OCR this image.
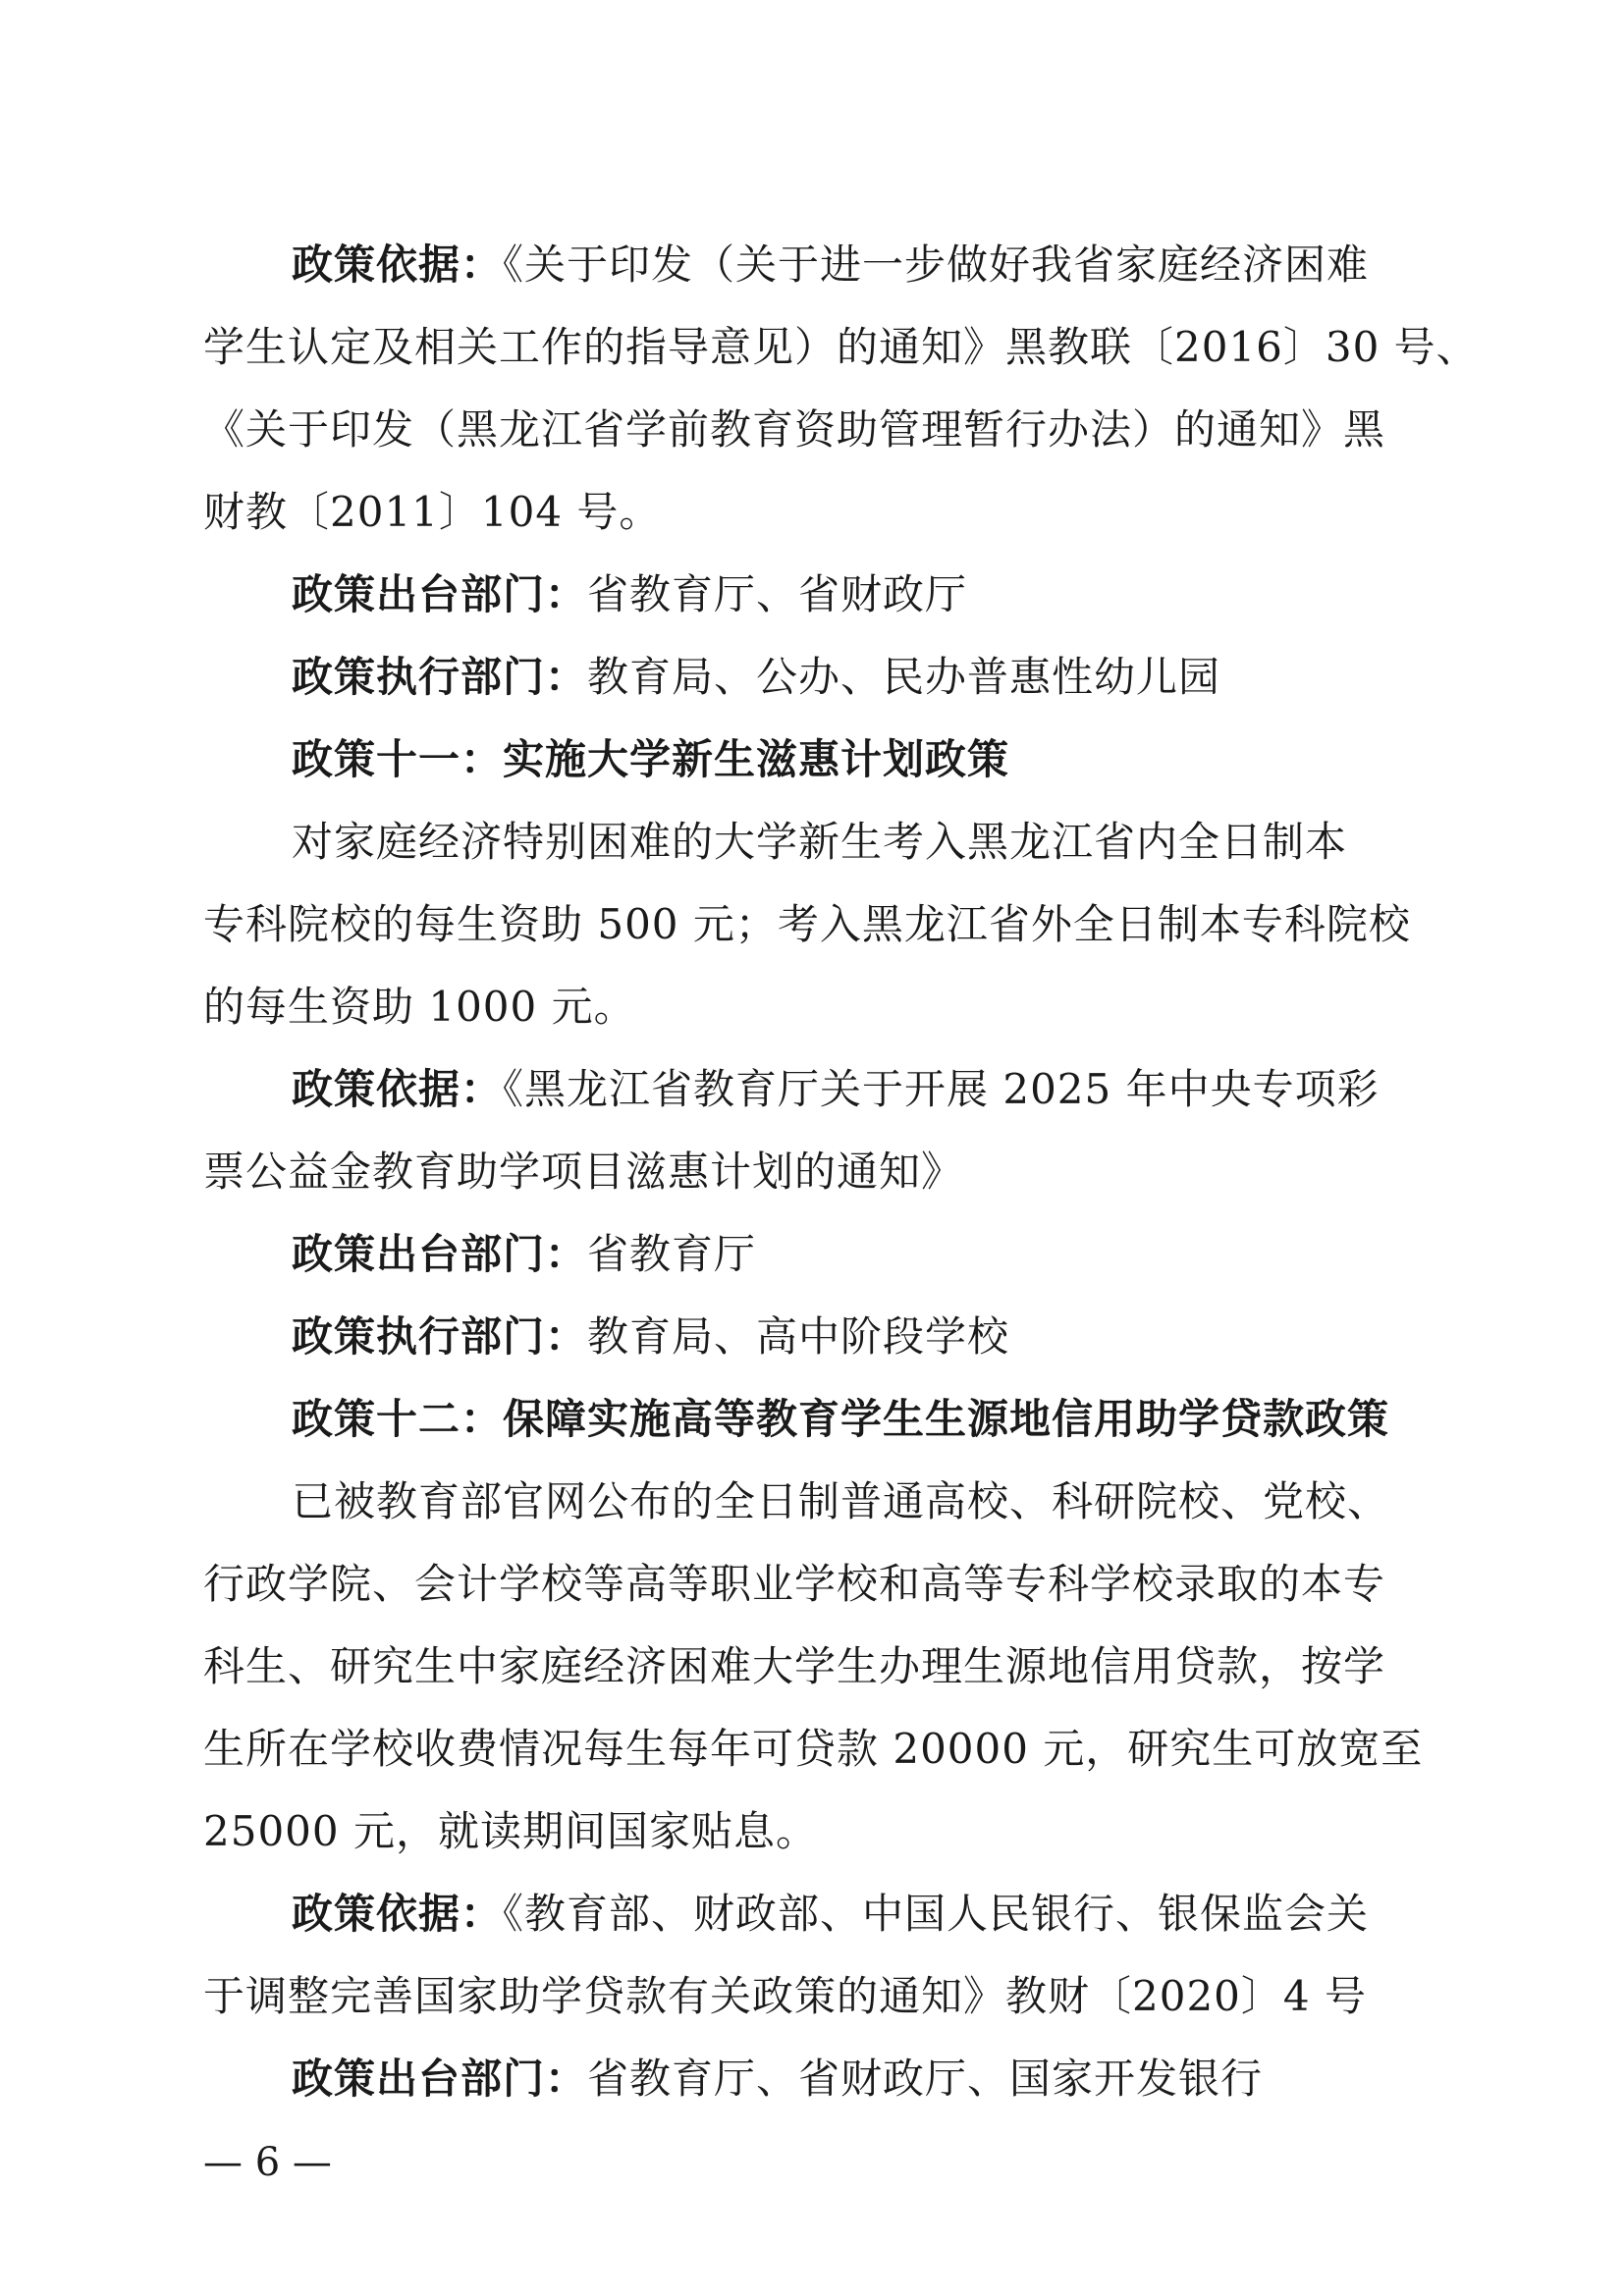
政策依据：《关于印发（关于进一步做好我省家庭经济困难
学生认定及相关工作的指导意见）的通知》黑教联〔2016〕30 号、
《关于印发（黑龙江省学前教育资助管理暂行办法）的通知》黑
财教〔2011〕104 号。
政策出台部门：省教育厅、省财政厅
政策执行部门：教育局、公办、民办普惠性幼儿园
政策十一：实施大学新生滋惠计划政策
对家庭经济特别困难的大学新生考入黑龙江省内全日制本
专科院校的每生资助 500 元；考入黑龙江省外全日制本专科院校
的每生资助 1000 元。
政策依据：《黑龙江省教育厅关于开展 2025 年中央专项彩
票公益金教育助学项目滋惠计划的通知》
政策出台部门：省教育厅
政策执行部门：教育局、高中阶段学校
政策十二：保障实施高等教育学生生源地信用助学贷款政策
已被教育部官网公布的全日制普通高校、科研院校、党校、
行政学院、会计学校等高等职业学校和高等专科学校录取的本专
科生、研究生中家庭经济困难大学生办理生源地信用贷款，按学
生所在学校收费情况每生每年可贷款 20000 元，研究生可放宽至
25000 元，就读期间国家贴息。
政策依据：《教育部、财政部、中国人民银行、银保监会关
于调整完善国家助学贷款有关政策的通知》教财〔2020〕4 号
政策出台部门：省教育厅、省财政厅、国家开发银行
— 6 —
